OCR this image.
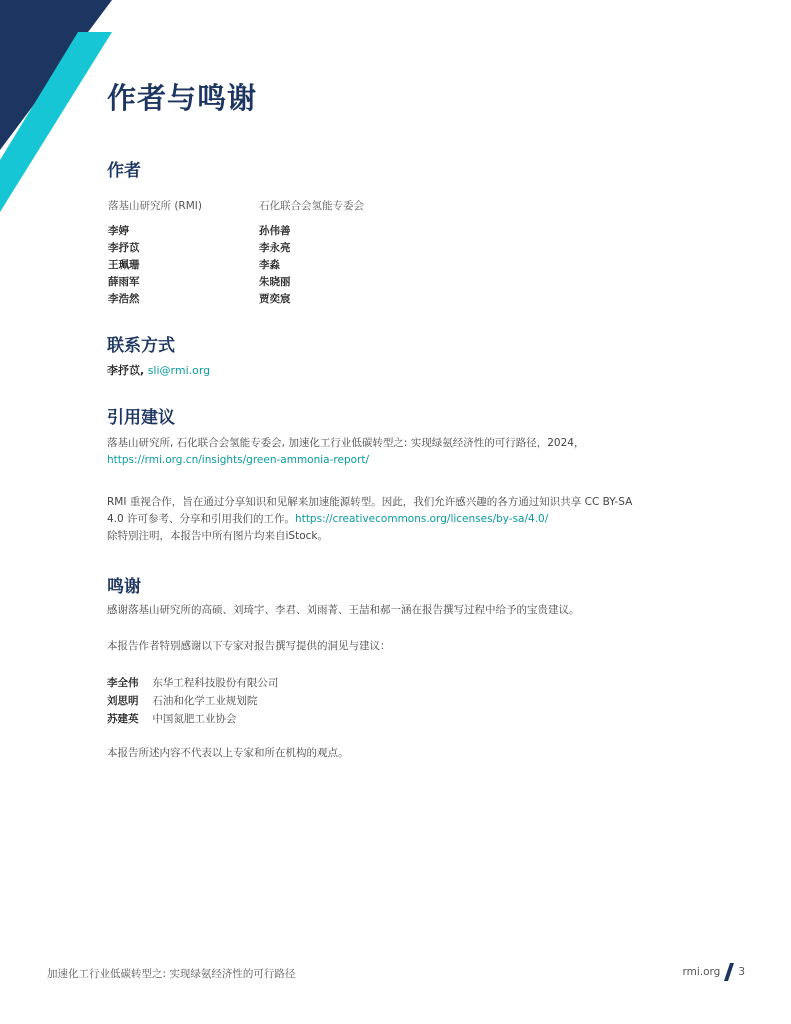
作者与鸣谢
作者
落基山研究所 (RMI)
李婷
李抒苡
王珮珊
薛雨军
李浩然
石化联合会氢能专委会
孙伟善
李永亮
李淼
朱晓丽
贾奕宸
联系方式
李抒苡, sli@rmi.org
引用建议

落基山研究所, 石化联合会氢能专委会, 加速化工行业低碳转型之: 实现绿氨经济性的可行路径，2024，
https://rmi.org.cn/insights/green-ammonia-report/

RMI 重视合作，旨在通过分享知识和见解来加速能源转型。因此，我们允许感兴趣的各方通过知识共享 CC BY-SA
4.0 许可参考、分享和引用我们的工作。https://creativecommons.org/licenses/by-sa/4.0/
除特别注明，本报告中所有图片均来自iStock。

鸣谢

感谢落基山研究所的高硕、刘琦宇、李君、刘雨菁、王喆和郝一涵在报告撰写过程中给予的宝贵建议。

本报告作者特别感谢以下专家对报告撰写提供的洞见与建议：

李全伟 东华工程科技股份有限公司
刘思明 石油和化学工业规划院
苏建英 中国氮肥工业协会

本报告所述内容不代表以上专家和所在机构的观点。

加速化工行业低碳转型之: 实现绿氨经济性的可行路径	rmi.org 3
